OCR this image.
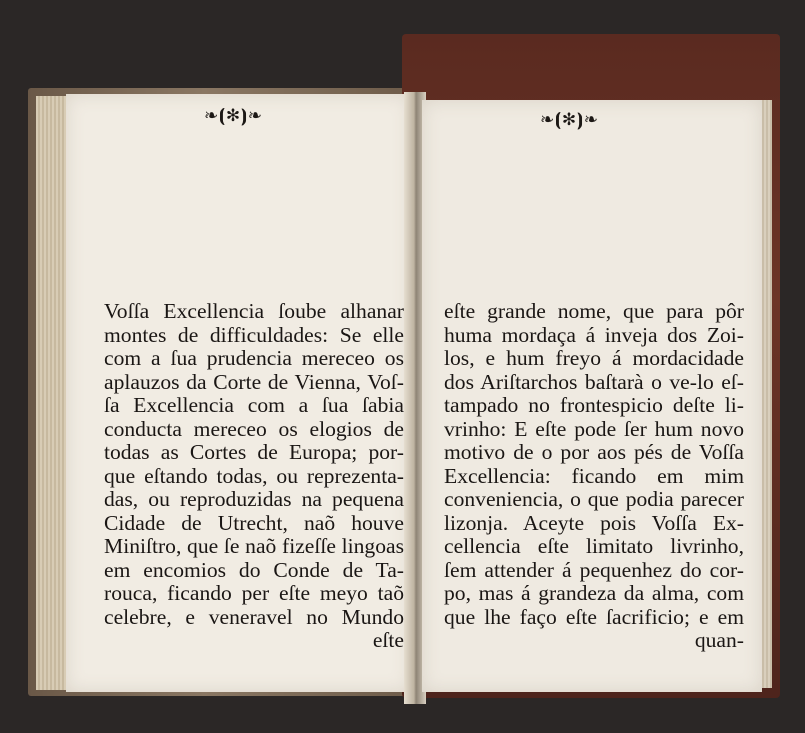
❧⦗✻⦘❧
Voſſa Excellencia ſoube alhanar
montes de difficuldades: Se elle
com a ſua prudencia mereceo os
aplauzos da Corte de Vienna, Voſ-
ſa Excellencia com a ſua ſabia
conducta mereceo os elogios de
todas as Cortes de Europa; por-
que eſtando todas, ou reprezenta-
das, ou reproduzidas na pequena
Cidade de Utrecht, naõ houve
Miniſtro, que ſe naõ fizeſſe lingoas
em encomios do Conde de Ta-
rouca, ficando per eſte meyo taõ
celebre, e veneravel no Mundo
eſte
❧⦗✻⦘❧
eſte grande nome, que para pôr
huma mordaça á inveja dos Zoi-
los, e hum freyo á mordacidade
dos Ariſtarchos baſtarà o ve-lo eſ-
tampado no frontespicio deſte li-
vrinho: E eſte pode ſer hum novo
motivo de o por aos pés de Voſſa
Excellencia: ficando em mim
conveniencia, o que podia parecer
lizonja. Aceyte pois Voſſa Ex-
cellencia eſte limitato livrinho,
ſem attender á pequenhez do cor-
po, mas á grandeza da alma, com
que lhe faço eſte ſacrificio; e em
quan-
